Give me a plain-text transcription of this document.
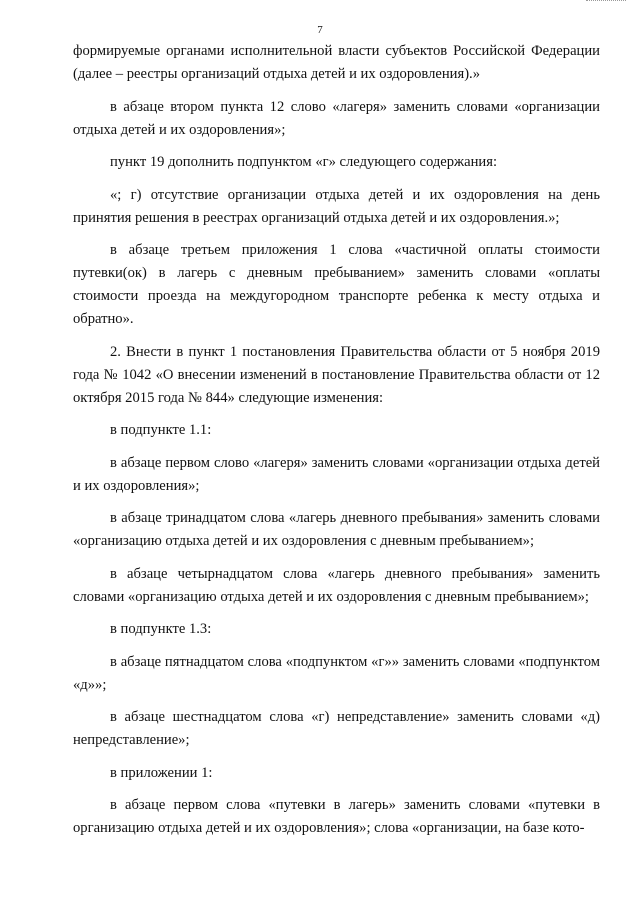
7

формируемые органами исполнительной власти субъектов Российской Федерации (далее – реестры организаций отдыха детей и их оздоровления).»

в абзаце втором пункта 12 слово «лагеря» заменить словами «организации отдыха детей и их оздоровления»;

пункт 19 дополнить подпунктом «г» следующего содержания:

«; г) отсутствие организации отдыха детей и их оздоровления на день принятия решения в реестрах организаций отдыха детей и их оздоровления.»;

в абзаце третьем приложения 1 слова «частичной оплаты стоимости путевки(ок) в лагерь с дневным пребыванием» заменить словами «оплаты стоимости проезда на междугородном транспорте ребенка к месту отдыха и обратно».

2. Внести в пункт 1 постановления Правительства области от 5 ноября 2019 года № 1042 «О внесении изменений в постановление Правительства области от 12 октября 2015 года № 844» следующие изменения:

в подпункте 1.1:

в абзаце первом слово «лагеря» заменить словами «организации отдыха детей и их оздоровления»;

в абзаце тринадцатом слова «лагерь дневного пребывания» заменить словами «организацию отдыха детей и их оздоровления с дневным пребыванием»;

в абзаце четырнадцатом слова «лагерь дневного пребывания» заменить словами «организацию отдыха детей и их оздоровления с дневным пребыванием»;

в подпункте 1.3:

в абзаце пятнадцатом слова «подпунктом «г»» заменить словами «подпунктом «д»»;

в абзаце шестнадцатом слова «г) непредставление» заменить словами «д) непредставление»;

в приложении 1:

в абзаце первом слова «путевки в лагерь» заменить словами «путевки в организацию отдыха детей и их оздоровления»; слова «организации, на базе кото-
